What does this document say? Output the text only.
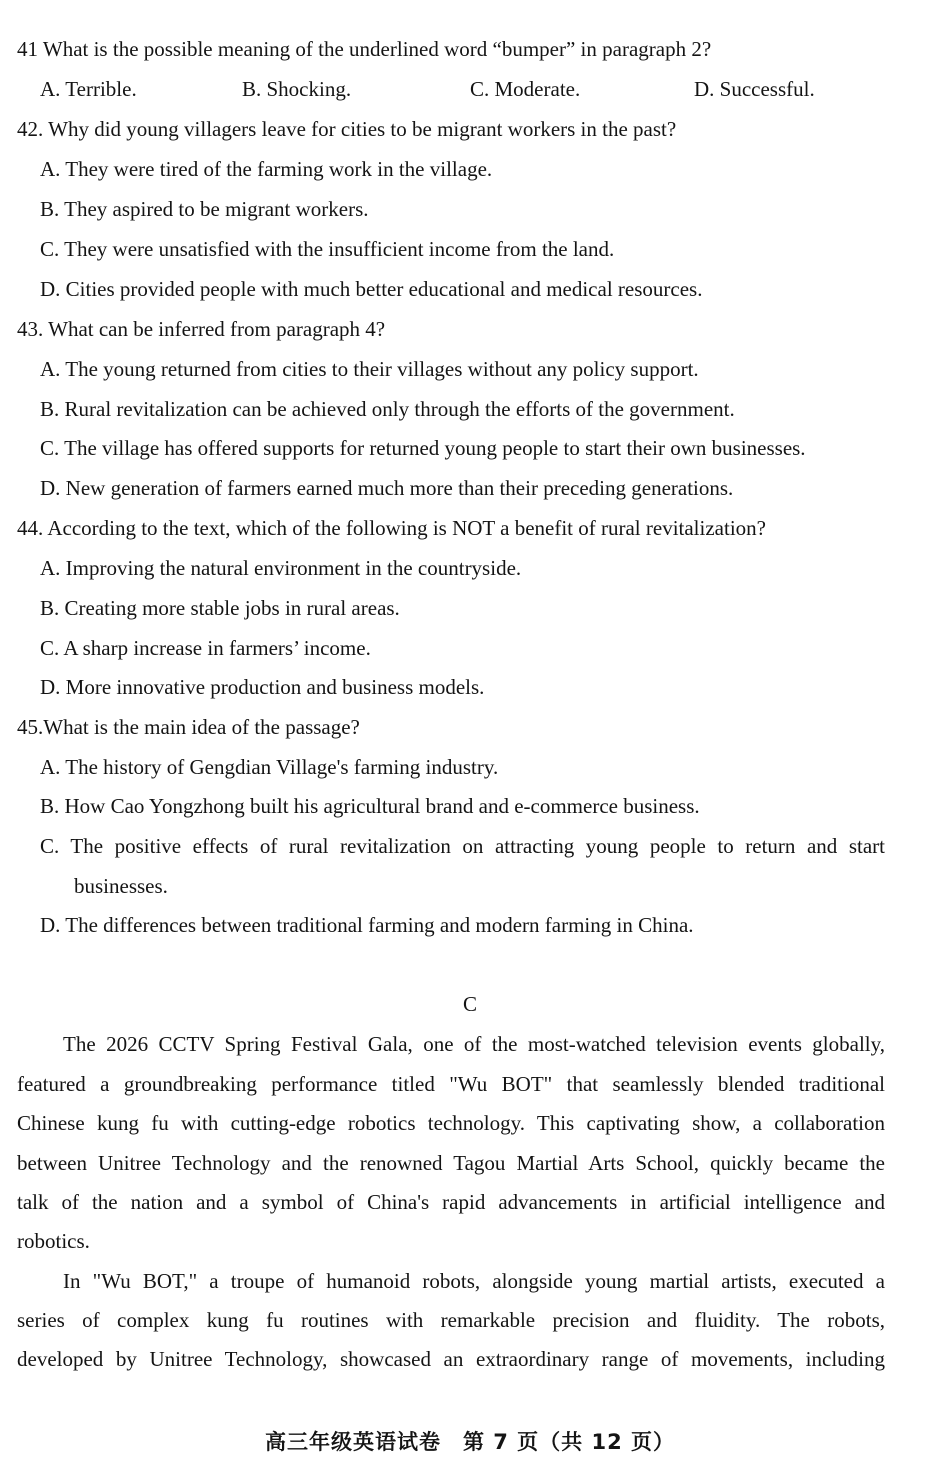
41 What is the possible meaning of the underlined word “bumper” in paragraph 2?
A. Terrible.	B. Shocking.	C. Moderate.	D. Successful.
42. Why did young villagers leave for cities to be migrant workers in the past?
A. They were tired of the farming work in the village.
B. They aspired to be migrant workers.
C. They were unsatisfied with the insufficient income from the land.
D. Cities provided people with much better educational and medical resources.
43. What can be inferred from paragraph 4?
A. The young returned from cities to their villages without any policy support.
B. Rural revitalization can be achieved only through the efforts of the government.
C. The village has offered supports for returned young people to start their own businesses.
D. New generation of farmers earned much more than their preceding generations.
44. According to the text, which of the following is NOT a benefit of rural revitalization?
A. Improving the natural environment in the countryside.
B. Creating more stable jobs in rural areas.
C. A sharp increase in farmers’ income.
D. More innovative production and business models.
45.What is the main idea of the passage?
A. The history of Gengdian Village's farming industry.
B. How Cao Yongzhong built his agricultural brand and e-commerce business.
C. The positive effects of rural revitalization on attracting young people to return and start
businesses.
D. The differences between traditional farming and modern farming in China.
C
The 2026 CCTV Spring Festival Gala, one of the most-watched television events globally,
featured a groundbreaking performance titled "Wu BOT" that seamlessly blended traditional
Chinese kung fu with cutting-edge robotics technology. This captivating show, a collaboration
between Unitree Technology and the renowned Tagou Martial Arts School, quickly became the
talk of the nation and a symbol of China's rapid advancements in artificial intelligence and
robotics.
In "Wu BOT," a troupe of humanoid robots, alongside young martial artists, executed a
series of complex kung fu routines with remarkable precision and fluidity. The robots,
developed by Unitree Technology, showcased an extraordinary range of movements, including
高三年级英语试卷　第 7 页（共 12 页）
